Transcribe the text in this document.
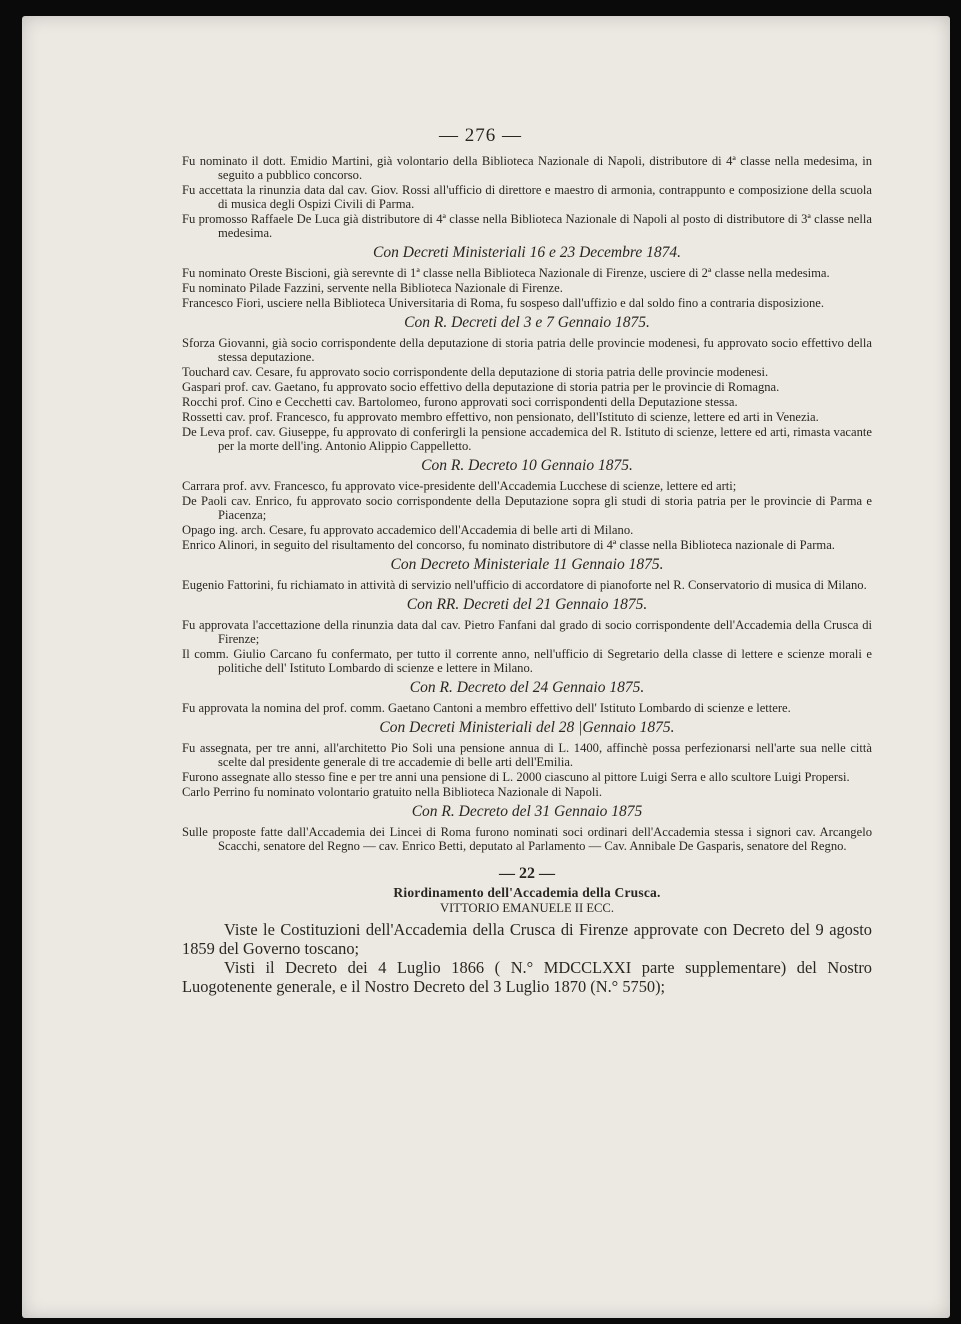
— 276 —

Fu nominato il dott. Emidio Martini, già volontario della Biblioteca Nazionale di Napoli, distributore di 4ª classe nella medesima, in seguito a pubblico concorso.

Fu accettata la rinunzia data dal cav. Giov. Rossi all'ufficio di direttore e maestro di armonia, contrappunto e composizione della scuola di musica degli Ospizi Civili di Parma.

Fu promosso Raffaele De Luca già distributore di 4ª classe nella Biblioteca Nazionale di Napoli al posto di distributore di 3ª classe nella medesima.

Con Decreti Ministeriali 16 e 23 Decembre 1874.

Fu nominato Oreste Biscioni, già serevnte di 1ª classe nella Biblioteca Nazionale di Firenze, usciere di 2ª classe nella medesima.

Fu nominato Pilade Fazzini, servente nella Biblioteca Nazionale di Firenze.

Francesco Fiori, usciere nella Biblioteca Universitaria di Roma, fu sospeso dall'uffizio e dal soldo fino a contraria disposizione.

Con R. Decreti del 3 e 7 Gennaio 1875.

Sforza Giovanni, già socio corrispondente della deputazione di storia patria delle provincie modenesi, fu approvato socio effettivo della stessa deputazione.

Touchard cav. Cesare, fu approvato socio corrispondente della deputazione di storia patria delle provincie modenesi.

Gaspari prof. cav. Gaetano, fu approvato socio effettivo della deputazione di storia patria per le provincie di Romagna.

Rocchi prof. Cino e Cecchetti cav. Bartolomeo, furono approvati soci corrispondenti della Deputazione stessa.

Rossetti cav. prof. Francesco, fu approvato membro effettivo, non pensionato, dell'Istituto di scienze, lettere ed arti in Venezia.

De Leva prof. cav. Giuseppe, fu approvato di conferirgli la pensione accademica del R. Istituto di scienze, lettere ed arti, rimasta vacante per la morte dell'ing. Antonio Alippio Cappelletto.

Con R. Decreto 10 Gennaio 1875.

Carrara prof. avv. Francesco, fu approvato vice-presidente dell'Accademia Lucchese di scienze, lettere ed arti;

De Paoli cav. Enrico, fu approvato socio corrispondente della Deputazione sopra gli studi di storia patria per le provincie di Parma e Piacenza;

Opago ing. arch. Cesare, fu approvato accademico dell'Accademia di belle arti di Milano.

Enrico Alinori, in seguito del risultamento del concorso, fu nominato distributore di 4ª classe nella Biblioteca nazionale di Parma.

Con Decreto Ministeriale 11 Gennaio 1875.

Eugenio Fattorini, fu richiamato in attività di servizio nell'ufficio di accordatore di pianoforte nel R. Conservatorio di musica di Milano.

Con RR. Decreti del 21 Gennaio 1875.

Fu approvata l'accettazione della rinunzia data dal cav. Pietro Fanfani dal grado di socio corrispondente dell'Accademia della Crusca di Firenze;

Il comm. Giulio Carcano fu confermato, per tutto il corrente anno, nell'ufficio di Segretario della classe di lettere e scienze morali e politiche dell' Istituto Lombardo di scienze e lettere in Milano.

Con R. Decreto del 24 Gennaio 1875.

Fu approvata la nomina del prof. comm. Gaetano Cantoni a membro effettivo dell' Istituto Lombardo di scienze e lettere.

Con Decreti Ministeriali del 28 |Gennaio 1875.

Fu assegnata, per tre anni, all'architetto Pio Soli una pensione annua di L. 1400, affinchè possa perfezionarsi nell'arte sua nelle città scelte dal presidente generale di tre accademie di belle arti dell'Emilia.

Furono assegnate allo stesso fine e per tre anni una pensione di L. 2000 ciascuno al pittore Luigi Serra e allo scultore Luigi Propersi.

Carlo Perrino fu nominato volontario gratuito nella Biblioteca Nazionale di Napoli.

Con R. Decreto del 31 Gennaio 1875

Sulle proposte fatte dall'Accademia dei Lincei di Roma furono nominati soci ordinari dell'Accademia stessa i signori cav. Arcangelo Scacchi, senatore del Regno — cav. Enrico Betti, deputato al Parlamento — Cav. Annibale De Gasparis, senatore del Regno.

— 22 —

Riordinamento dell'Accademia della Crusca.

VITTORIO EMANUELE II ECC.

Viste le Costituzioni dell'Accademia della Crusca di Firenze approvate con Decreto del 9 agosto 1859 del Governo toscano;

Visti il Decreto dei 4 Luglio 1866 ( N.° MDCCLXXI parte supplementare) del Nostro Luogotenente generale, e il Nostro Decreto del 3 Luglio 1870 (N.° 5750);
